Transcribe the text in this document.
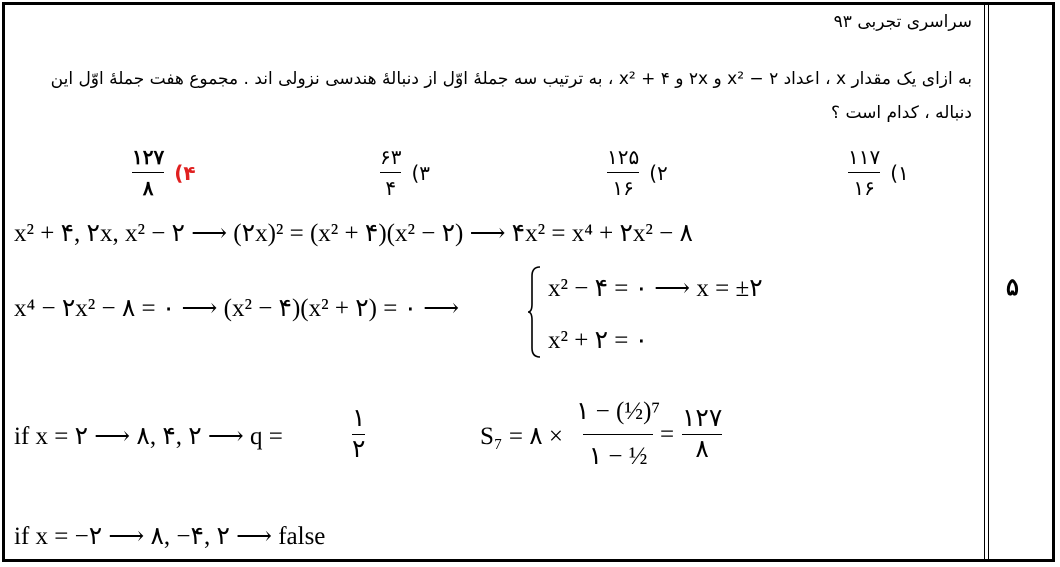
۵
سراسری تجربی ۹۳
به ازای یک مقدار x ، اعداد x² − ۲ و ۲x و x² + ۴ ، به ترتیب سه جملهٔ اوّل از دنبالهٔ هندسی نزولی اند . مجموع هفت جملهٔ اوّل این دنباله ، کدام است ؟
$\frac{۱۱۷}{۱۶}$ ۱)
$\frac{۱۲۵}{۱۶}$ ۲)
$\frac{۶۳}{۴}$ ۳)
$\frac{۱۲۷}{۸}$ ۴)
x² + ۴, ۲x, x² − ۲ ⟶ (۲x)² = (x² + ۴)(x² − ۲) ⟶ ۴x² = x⁴ + ۲x² − ۸
x⁴ − ۲x² − ۸ = ۰ ⟶ (x² − ۴)(x² + ۲) = ۰ ⟶
x² − ۴ = ۰ ⟶ x = ±۲
x² + ۲ = ۰
if x = ۲ ⟶ ۸, ۴, ۲ ⟶ q =
۱
۲	S₇ = ۸ ×
۱ − (½)⁷
۱ − ½
=
۱۲۷
۸
if x = −۲ ⟶ ۸, −۴, ۲ ⟶ false
